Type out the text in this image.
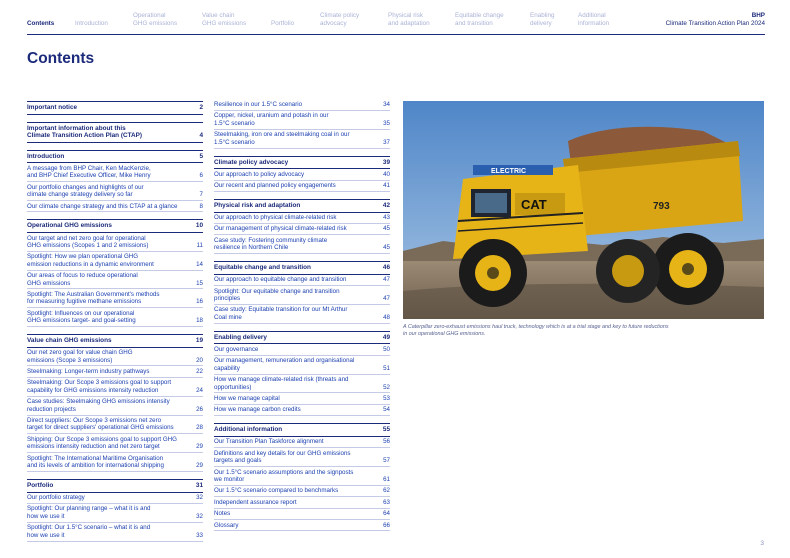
Contents	Introduction
Operational
GHG emissions
Value chain
GHG emissions	Portfolio
Climate policy
advocacy
Physical risk
and adaptation
Equitable change
and transition
Enabling
delivery
Additional
information
BHP
Climate Transition Action Plan 2024
Contents
Important notice	2
Important information about this
Climate Transition Action Plan (CTAP)	4
Introduction	5
A message from BHP Chair, Ken MacKenzie,
and BHP Chief Executive Officer, Mike Henry	6
Our portfolio changes and highlights of our
climate change strategy delivery so far	7
Our climate change strategy and this CTAP at a glance	8
Operational GHG emissions	10
Our target and net zero goal for operational
GHG emissions (Scopes 1 and 2 emissions)	11
Spotlight: How we plan operational GHG
emission reductions in a dynamic environment	14
Our areas of focus to reduce operational
GHG emissions	15
Spotlight: The Australian Government's methods
for measuring fugitive methane emissions	16
Spotlight: Influences on our operational
GHG emissions target- and goal-setting	18
Value chain GHG emissions	19
Our net zero goal for value chain GHG
emissions (Scope 3 emissions)	20
Steelmaking: Longer-term industry pathways	22
Steelmaking: Our Scope 3 emissions goal to support
capability for GHG emissions intensity reduction	24
Case studies: Steelmaking GHG emissions intensity
reduction projects	26
Direct suppliers: Our Scope 3 emissions net zero
target for direct suppliers' operational GHG emissions	28
Shipping: Our Scope 3 emissions goal to support GHG
emissions intensity reduction and net zero target	29
Spotlight: The International Maritime Organisation
and its levels of ambition for international shipping	29
Portfolio	31
Our portfolio strategy	32
Spotlight: Our planning range – what it is and
how we use it	32
Spotlight: Our 1.5°C scenario – what it is and
how we use it	33
Resilience in our 1.5°C scenario	34
Copper, nickel, uranium and potash in our
1.5°C scenario	35
Steelmaking, iron ore and steelmaking coal in our
1.5°C scenario	37
Climate policy advocacy	39
Our approach to policy advocacy	40
Our recent and planned policy engagements	41
Physical risk and adaptation	42
Our approach to physical climate-related risk	43
Our management of physical climate-related risk	45
Case study: Fostering community climate
resilience in Northern Chile	45
Equitable change and transition	46
Our approach to equitable change and transition	47
Spotlight: Our equitable change and transition
principles	47
Case study: Equitable transition for our Mt Arthur
Coal mine	48
Enabling delivery	49
Our governance	50
Our management, remuneration and organisational
capability	51
How we manage climate-related risk (threats and
opportunities)	52
How we manage capital	53
How we manage carbon credits	54
Additional information	55
Our Transition Plan Taskforce alignment	56
Definitions and key details for our GHG emissions
targets and goals	57
Our 1.5°C scenario assumptions and the signposts
we monitor	61
Our 1.5°C scenario compared to benchmarks	62
Independent assurance report	63
Notes	64
Glossary	66
ELECTRIC
CAT	793
A Caterpillar zero-exhaust emissions haul truck, technology which is at a trial stage and key to future reductions
in our operational GHG emissions.
3
